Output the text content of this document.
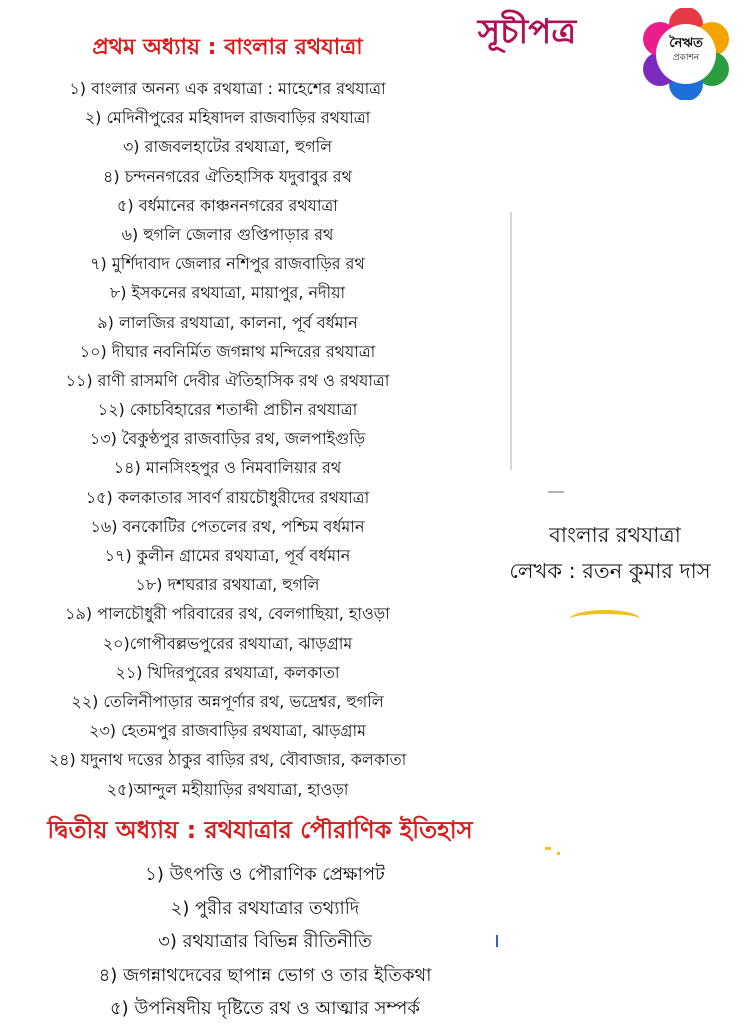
প্রথম অধ্যায় : বাংলার রথযাত্রা
১) বাংলার অনন্য এক রথযাত্রা : মাহেশের রথযাত্রা
২) মেদিনীপুরের মহিষাদল রাজবাড়ির রথযাত্রা
৩) রাজবলহাটের রথযাত্রা, হুগলি
৪) চন্দননগরের ঐতিহাসিক যদুবাবুর রথ
৫) বর্ধমানের কাঞ্চননগরের রথযাত্রা
৬) হুগলি জেলার গুপ্তিপাড়ার রথ
৭) মুর্শিদাবাদ জেলার নশিপুর রাজবাড়ির রথ
৮) ইসকনের রথযাত্রা, মায়াপুর, নদীয়া
৯) লালজির রথযাত্রা, কালনা, পূর্ব বর্ধমান
১০) দীঘার নবনির্মিত জগন্নাথ মন্দিরের রথযাত্রা
১১) রাণী রাসমণি দেবীর ঐতিহাসিক রথ ও রথযাত্রা
১২) কোচবিহারের শতাব্দী প্রাচীন রথযাত্রা
১৩) বৈকুণ্ঠপুর রাজবাড়ির রথ, জলপাইগুড়ি
১৪) মানসিংহপুর ও নিমবালিয়ার রথ
১৫) কলকাতার সাবর্ণ রায়চৌধুরীদের রথযাত্রা
১৬) বনকোটির পেতলের রথ, পশ্চিম বর্ধমান
১৭) কুলীন গ্রামের রথযাত্রা, পূর্ব বর্ধমান
১৮) দশঘরার রথযাত্রা, হুগলি
১৯) পালচৌধুরী পরিবারের রথ, বেলগাছিয়া, হাওড়া
২০)গোপীবল্লভপুরের রথযাত্রা, ঝাড়গ্রাম
২১) খিদিরপুরের রথযাত্রা, কলকাতা
২২) তেলিনীপাড়ার অন্নপূর্ণার রথ, ভদ্রেশ্বর, হুগলি
২৩) হেতমপুর রাজবাড়ির রথযাত্রা, ঝাড়গ্রাম
২৪) যদুনাথ দত্তের ঠাকুর বাড়ির রথ, বৌবাজার, কলকাতা
২৫)আন্দুল মহীয়াড়ির রথযাত্রা, হাওড়া
সূচীপত্র	নৈঋত
প্রকাশন
বাংলার রথযাত্রা
লেখক : রতন কুমার দাস
দ্বিতীয় অধ্যায় : রথযাত্রার পৌরাণিক ইতিহাস
১) উৎপত্তি ও পৌরাণিক প্রেক্ষাপট
২) পুরীর রথযাত্রার তথ্যাদি
৩) রথযাত্রার বিভিন্ন রীতিনীতি
৪) জগন্নাথদেবের ছাপান্ন ভোগ ও তার ইতিকথা
৫) উপনিষদীয় দৃষ্টিতে রথ ও আত্মার সম্পর্ক
